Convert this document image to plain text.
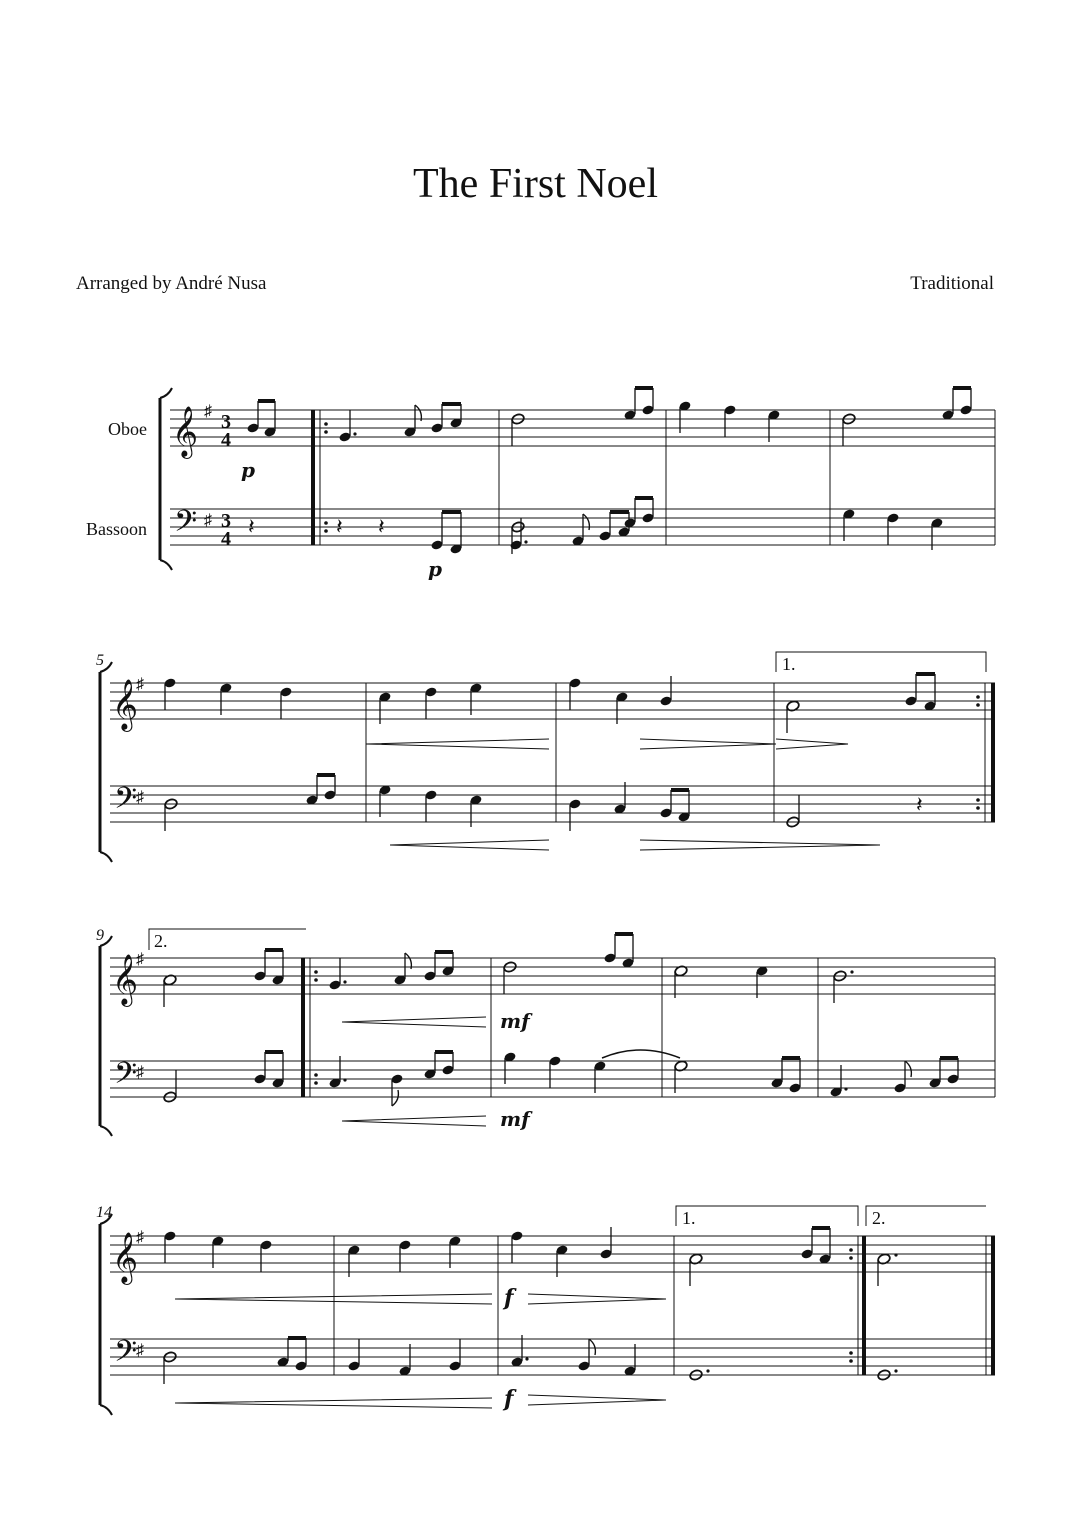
The First Noel
Arranged by André Nusa	Traditional
Oboe
Bassoon
𝄞
𝄢
♯
♯
3
4
3
4
p
𝄽	𝄽 𝄽
p
5
𝄞
𝄢
♯
♯
1.
𝄽
9
𝄞
𝄢
♯
♯
2.
mf
mf
14
𝄞
𝄢
♯
♯
f
f
1.	2.
